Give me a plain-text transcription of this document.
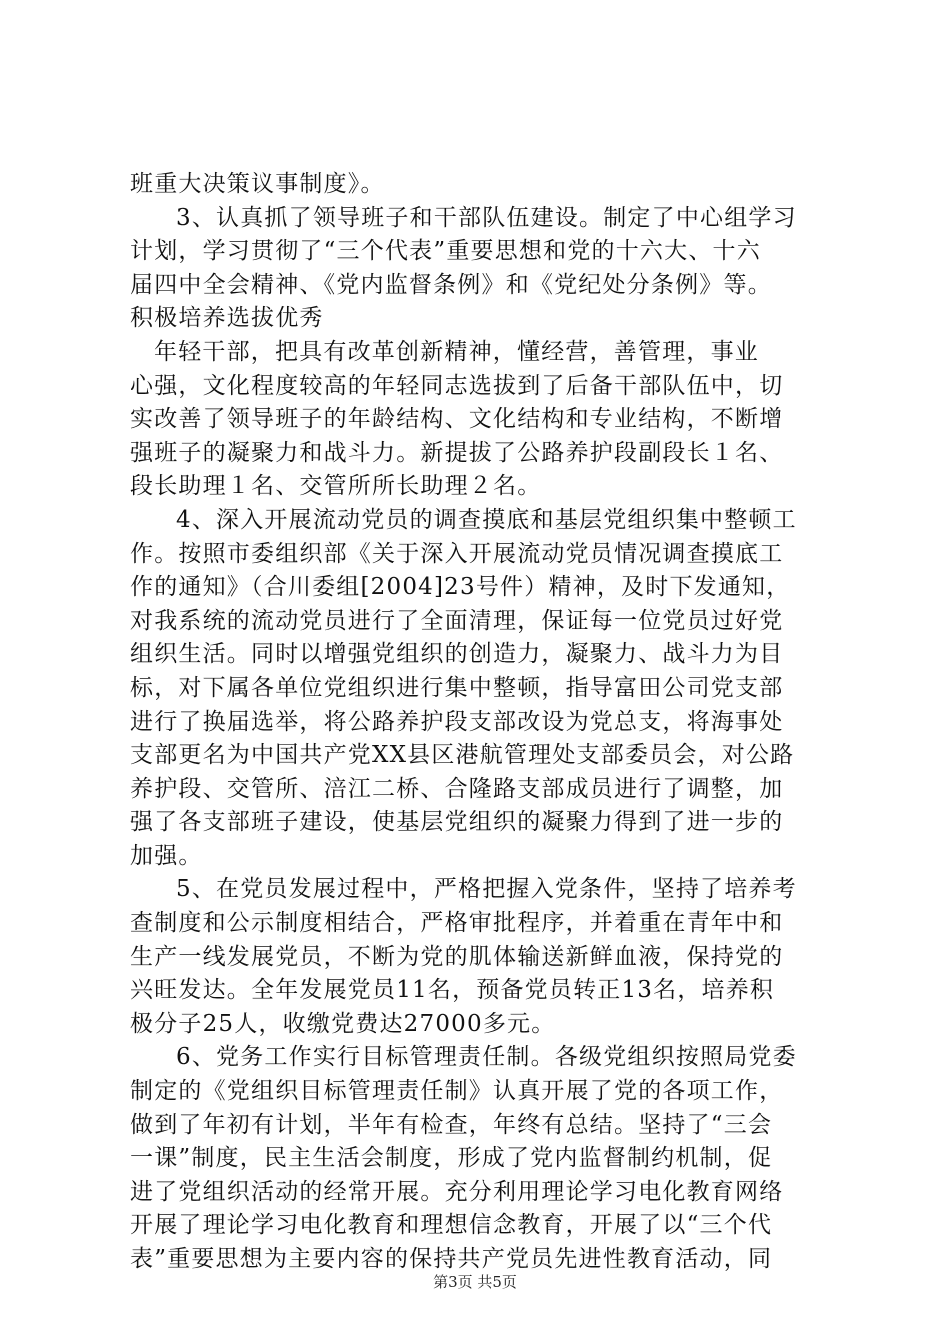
班重大决策议事制度》。
3、认真抓了领导班子和干部队伍建设。制定了中心组学习
计划，学习贯彻了“三个代表”重要思想和党的十六大、十六
届四中全会精神、《党内监督条例》和《党纪处分条例》等。
积极培养选拔优秀
年轻干部，把具有改革创新精神，懂经营，善管理，事业
心强，文化程度较高的年轻同志选拔到了后备干部队伍中，切
实改善了领导班子的年龄结构、文化结构和专业结构，不断增
强班子的凝聚力和战斗力。新提拔了公路养护段副段长１名、
段长助理１名、交管所所长助理２名。
4、深入开展流动党员的调查摸底和基层党组织集中整顿工
作。按照市委组织部《关于深入开展流动党员情况调查摸底工
作的通知》（合川委组[2004]23号件）精神，及时下发通知，
对我系统的流动党员进行了全面清理，保证每一位党员过好党
组织生活。同时以增强党组织的创造力，凝聚力、战斗力为目
标，对下属各单位党组织进行集中整顿，指导富田公司党支部
进行了换届选举，将公路养护段支部改设为党总支，将海事处
支部更名为中国共产党XX县区港航管理处支部委员会，对公路
养护段、交管所、涪江二桥、合隆路支部成员进行了调整，加
强了各支部班子建设，使基层党组织的凝聚力得到了进一步的
加强。
5、在党员发展过程中，严格把握入党条件，坚持了培养考
查制度和公示制度相结合，严格审批程序，并着重在青年中和
生产一线发展党员，不断为党的肌体输送新鲜血液，保持党的
兴旺发达。全年发展党员11名，预备党员转正13名，培养积
极分子25人，收缴党费达27000多元。
6、党务工作实行目标管理责任制。各级党组织按照局党委
制定的《党组织目标管理责任制》认真开展了党的各项工作，
做到了年初有计划，半年有检查，年终有总结。坚持了“三会
一课”制度，民主生活会制度，形成了党内监督制约机制，促
进了党组织活动的经常开展。充分利用理论学习电化教育网络
开展了理论学习电化教育和理想信念教育，开展了以“三个代
表”重要思想为主要内容的保持共产党员先进性教育活动，同
第3页 共5页
